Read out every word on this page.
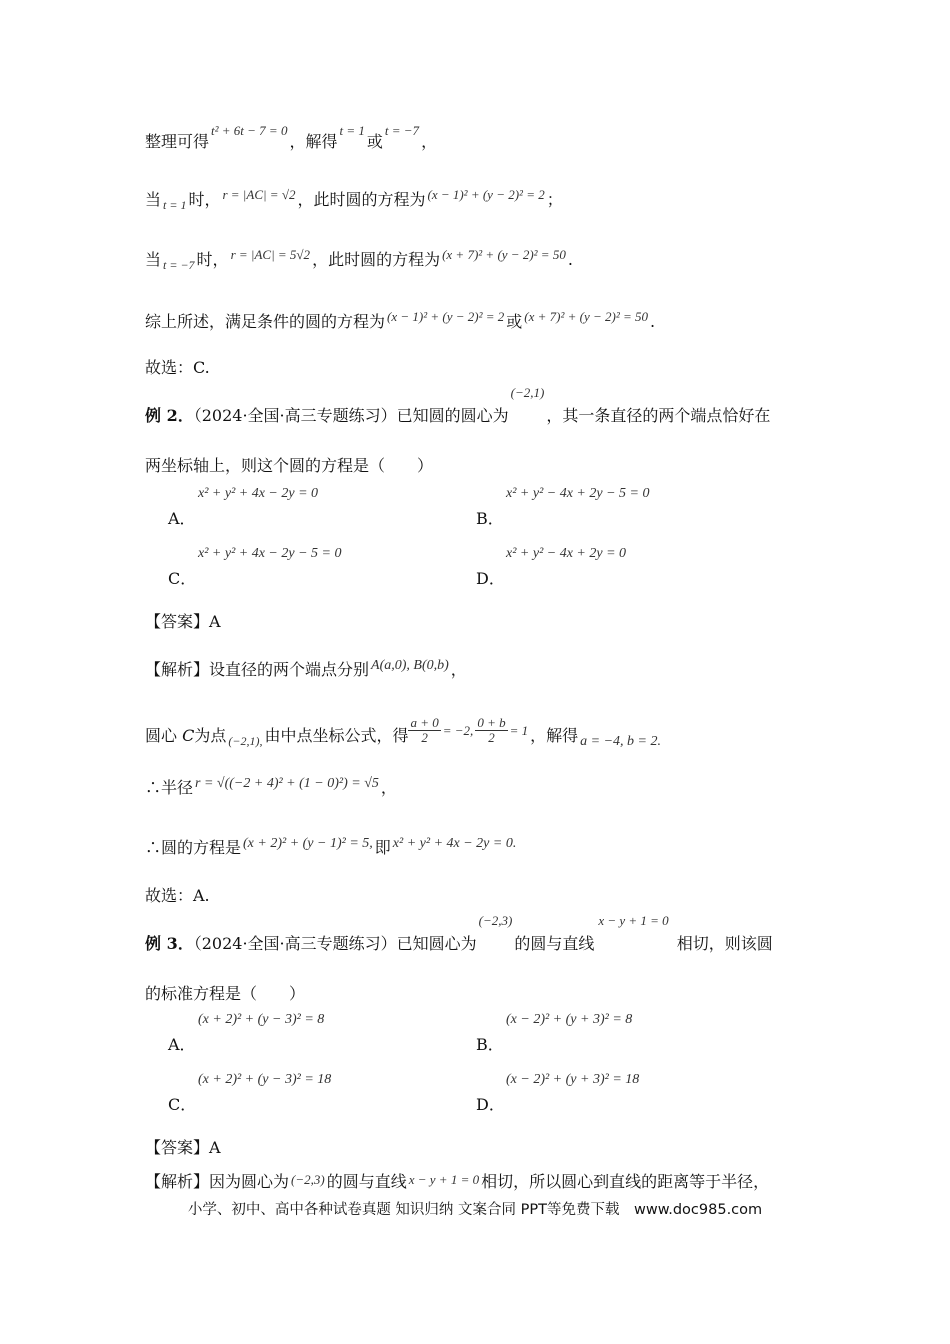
整理可得$^{t^2 + 6t - 7 = 0}$，解得$^{t = 1}$或$^{t = -7}$，
当 $_{t = 1}$ 时， $^{r = |AC| = √2}$ ，此时圆的方程为 $^{(x - 1)^2 + (y - 2)^2 = 2}$ ；
当 $_{t = -7}$ 时， $^{r = |AC| = 5√2}$ ，此时圆的方程为 $^{(x + 7)^2 + (y - 2)^2 = 50}$ .
综上所述，满足条件的圆的方程为 $^{(x - 1)^2 + (y - 2)^2 = 2}$ 或 $^{(x + 7)^2 + (y - 2)^2 = 50}$ .
故选：C.
例 2．（2024·全国·高三专题练习）已知圆的圆心为$^{(-2,1)}$，其一条直径的两个端点恰好在
两坐标轴上，则这个圆的方程是（　　）
A．
x² + y² + 4x − 2y = 0
B．
x² + y² − 4x + 2y − 5 = 0
C．
x² + y² + 4x − 2y − 5 = 0
D．
x² + y² − 4x + 2y = 0
【答案】A
【解析】设直径的两个端点分别 A(a,0), B(0,b) ，
圆心 C为点 $_{(-2,1),}$ 由中点坐标公式，得 $\frac{a + 0}{2} ^{= -2,} \frac{0 + b}{2} ^{= 1}$ ，解得 a = −4, b = 2.
∴半径 r = √((−2 + 4)² + (1 − 0)²) = √5 ，
∴圆的方程是 (x + 2)² + (y − 1)² = 5, 即 x² + y² + 4x − 2y = 0.
故选：A.
例 3．（2024·全国·高三专题练习）已知圆心为$^{(-2,3)}$的圆与直线$^{x - y + 1 = 0}$相切，则该圆
的标准方程是（　　）
A．
(x + 2)² + (y − 3)² = 8
B．
(x − 2)² + (y + 3)² = 8
C．
(x + 2)² + (y − 3)² = 18
D．
(x − 2)² + (y + 3)² = 18
【答案】A
【解析】因为圆心为 (−2,3) 的圆与直线 x − y + 1 = 0 相切，所以圆心到直线的距离等于半径，
小学、初中、高中各种试卷真题 知识归纳 文案合同 PPT等免费下载　www.doc985.com
